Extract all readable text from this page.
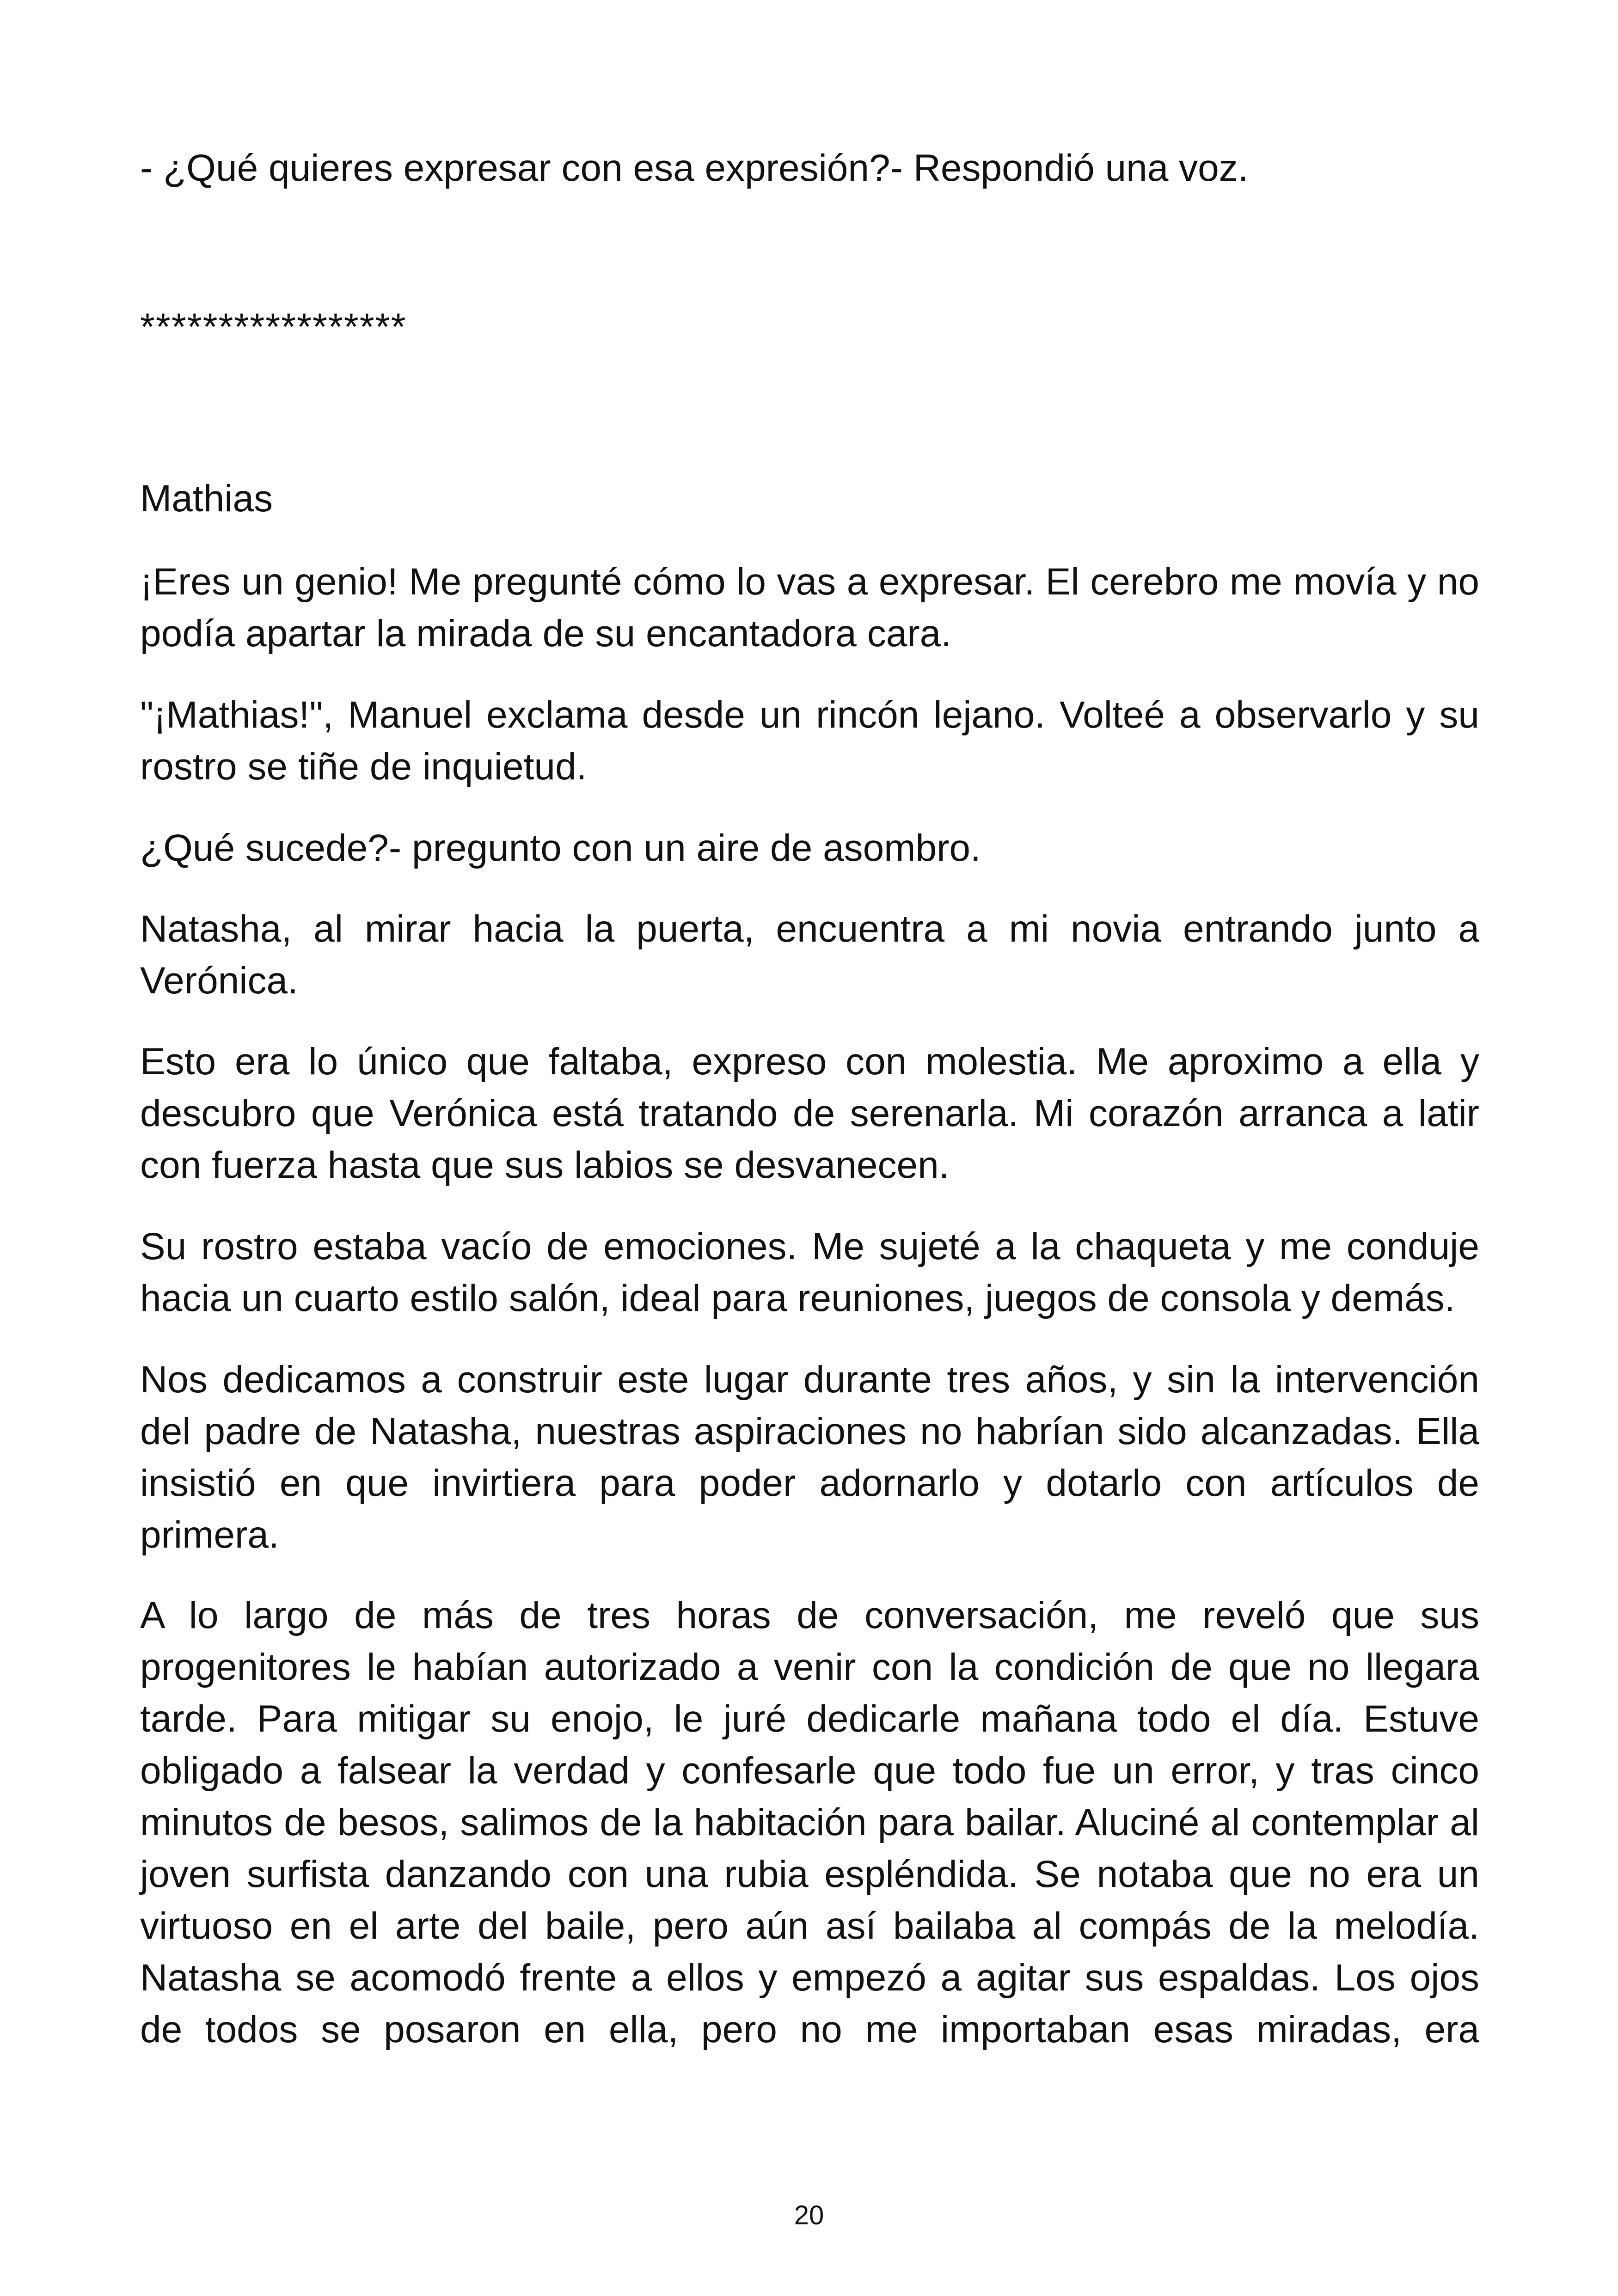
- ¿Qué quieres expresar con esa expresión?- Respondió una voz.
*****************
Mathias

¡Eres un genio! Me pregunté cómo lo vas a expresar. El cerebro me movía y no podía apartar la mirada de su encantadora cara.

"¡Mathias!", Manuel exclama desde un rincón lejano. Volteé a observarlo y su rostro se tiñe de inquietud.

¿Qué sucede?- pregunto con un aire de asombro.

Natasha, al mirar hacia la puerta, encuentra a mi novia entrando junto a Verónica.

Esto era lo único que faltaba, expreso con molestia. Me aproximo a ella y descubro que Verónica está tratando de serenarla. Mi corazón arranca a latir con fuerza hasta que sus labios se desvanecen.

Su rostro estaba vacío de emociones. Me sujeté a la chaqueta y me conduje hacia un cuarto estilo salón, ideal para reuniones, juegos de consola y demás.

Nos dedicamos a construir este lugar durante tres años, y sin la intervención del padre de Natasha, nuestras aspiraciones no habrían sido alcanzadas. Ella insistió en que invirtiera para poder adornarlo y dotarlo con artículos de primera.

A lo largo de más de tres horas de conversación, me reveló que sus progenitores le habían autorizado a venir con la condición de que no llegara tarde. Para mitigar su enojo, le juré dedicarle mañana todo el día. Estuve obligado a falsear la verdad y confesarle que todo fue un error, y tras cinco minutos de besos, salimos de la habitación para bailar. Aluciné al contemplar al joven surfista danzando con una rubia espléndida. Se notaba que no era un virtuoso en el arte del baile, pero aún así bailaba al compás de la melodía. Natasha se acomodó frente a ellos y empezó a agitar sus espaldas. Los ojos de todos se posaron en ella, pero no me importaban esas miradas, era

20
